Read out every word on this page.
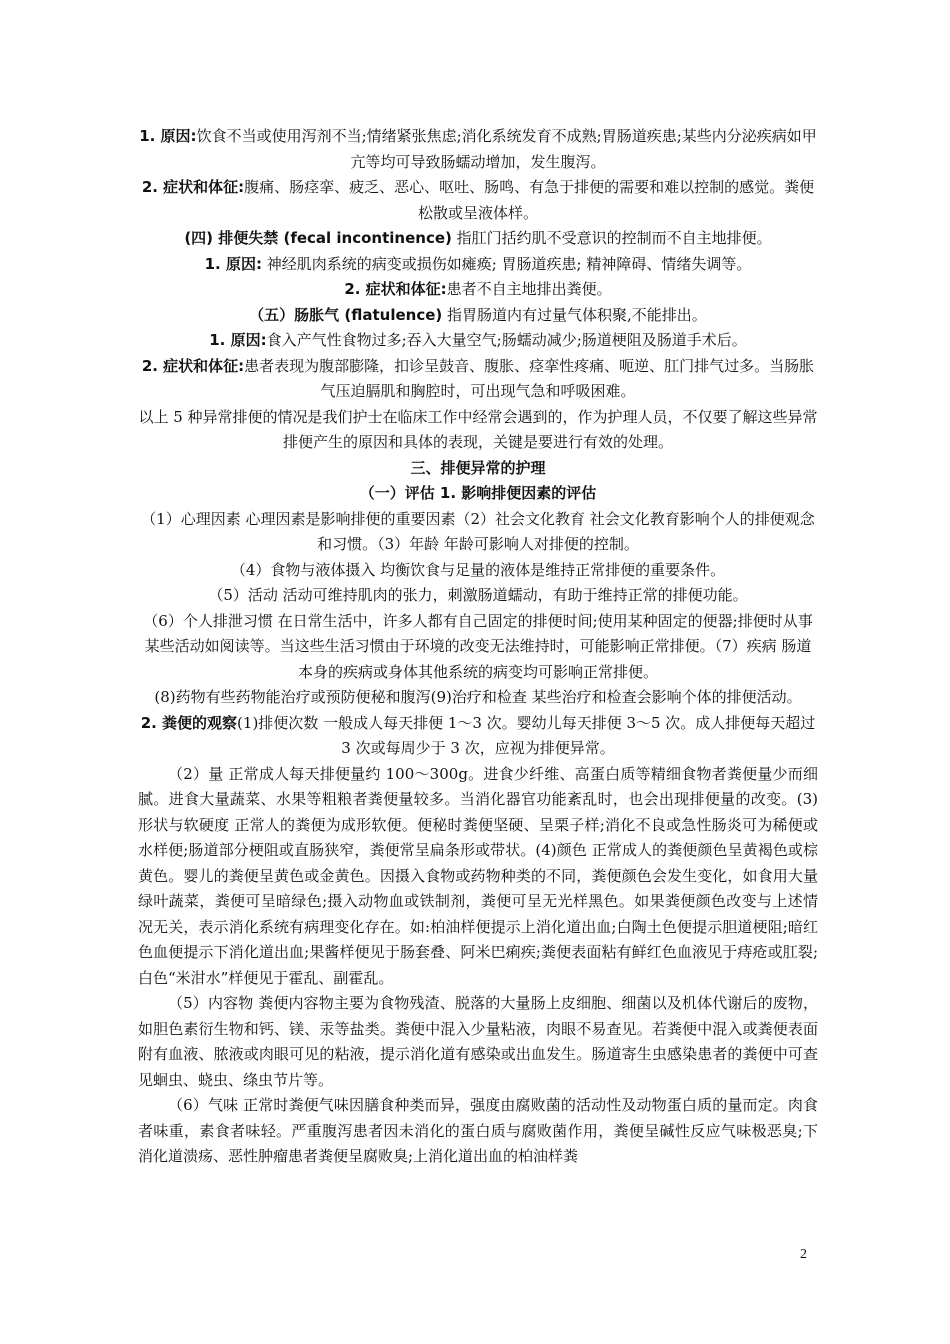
1. 原因:饮食不当或使用泻剂不当;情绪紧张焦虑;消化系统发育不成熟;胃肠道疾患;某些内分泌疾病如甲亢等均可导致肠蠕动增加，发生腹泻。

2. 症状和体征:腹痛、肠痉挛、疲乏、恶心、呕吐、肠鸣、有急于排便的需要和难以控制的感觉。粪便松散或呈液体样。

(四) 排便失禁 (fecal incontinence) 指肛门括约肌不受意识的控制而不自主地排便。

1. 原因: 神经肌肉系统的病变或损伤如瘫痪; 胃肠道疾患; 精神障碍、情绪失调等。

2. 症状和体征:患者不自主地排出粪便。

（五）肠胀气 (flatulence) 指胃肠道内有过量气体积聚,不能排出。

1. 原因:食入产气性食物过多;吞入大量空气;肠蠕动减少;肠道梗阻及肠道手术后。

2. 症状和体征:患者表现为腹部膨隆，扣诊呈鼓音、腹胀、痉挛性疼痛、呃逆、肛门排气过多。当肠胀气压迫膈肌和胸腔时，可出现气急和呼吸困难。

以上 5 种异常排便的情况是我们护士在临床工作中经常会遇到的，作为护理人员，不仅要了解这些异常排便产生的原因和具体的表现，关键是要进行有效的处理。

三、排便异常的护理

（一）评估 1. 影响排便因素的评估

（1）心理因素 心理因素是影响排便的重要因素（2）社会文化教育 社会文化教育影响个人的排便观念和习惯。（3）年龄 年龄可影响人对排便的控制。

（4）食物与液体摄入 均衡饮食与足量的液体是维持正常排便的重要条件。

（5）活动 活动可维持肌肉的张力，刺激肠道蠕动，有助于维持正常的排便功能。

（6）个人排泄习惯 在日常生活中，许多人都有自己固定的排便时间;使用某种固定的便器;排便时从事某些活动如阅读等。当这些生活习惯由于环境的改变无法维持时，可能影响正常排便。（7）疾病 肠道本身的疾病或身体其他系统的病变均可影响正常排便。

(8)药物有些药物能治疗或预防便秘和腹泻(9)治疗和检查 某些治疗和检查会影响个体的排便活动。

2. 粪便的观察(1)排便次数 一般成人每天排便 1～3 次。婴幼儿每天排便 3～5 次。成人排便每天超过 3 次或每周少于 3 次，应视为排便异常。

（2）量 正常成人每天排便量约 100～300g。进食少纤维、高蛋白质等精细食物者粪便量少而细腻。进食大量蔬菜、水果等粗粮者粪便量较多。当消化器官功能紊乱时，也会出现排便量的改变。(3)形状与软硬度 正常人的粪便为成形软便。便秘时粪便坚硬、呈栗子样;消化不良或急性肠炎可为稀便或水样便;肠道部分梗阻或直肠狭窄，粪便常呈扁条形或带状。(4)颜色 正常成人的粪便颜色呈黄褐色或棕黄色。婴儿的粪便呈黄色或金黄色。因摄入食物或药物种类的不同，粪便颜色会发生变化，如食用大量绿叶蔬菜，粪便可呈暗绿色;摄入动物血或铁制剂，粪便可呈无光样黑色。如果粪便颜色改变与上述情况无关，表示消化系统有病理变化存在。如:柏油样便提示上消化道出血;白陶土色便提示胆道梗阻;暗红色血便提示下消化道出血;果酱样便见于肠套叠、阿米巴痢疾;粪便表面粘有鲜红色血液见于痔疮或肛裂;白色“米泔水”样便见于霍乱、副霍乱。

（5）内容物 粪便内容物主要为食物残渣、脱落的大量肠上皮细胞、细菌以及机体代谢后的废物，如胆色素衍生物和钙、镁、汞等盐类。粪便中混入少量粘液，肉眼不易查见。若粪便中混入或粪便表面附有血液、脓液或肉眼可见的粘液，提示消化道有感染或出血发生。肠道寄生虫感染患者的粪便中可查见蛔虫、蛲虫、绦虫节片等。

（6）气味 正常时粪便气味因膳食种类而异，强度由腐败菌的活动性及动物蛋白质的量而定。肉食者味重，素食者味轻。严重腹泻患者因未消化的蛋白质与腐败菌作用，粪便呈碱性反应气味极恶臭;下消化道溃疡、恶性肿瘤患者粪便呈腐败臭;上消化道出血的柏油样粪

2
